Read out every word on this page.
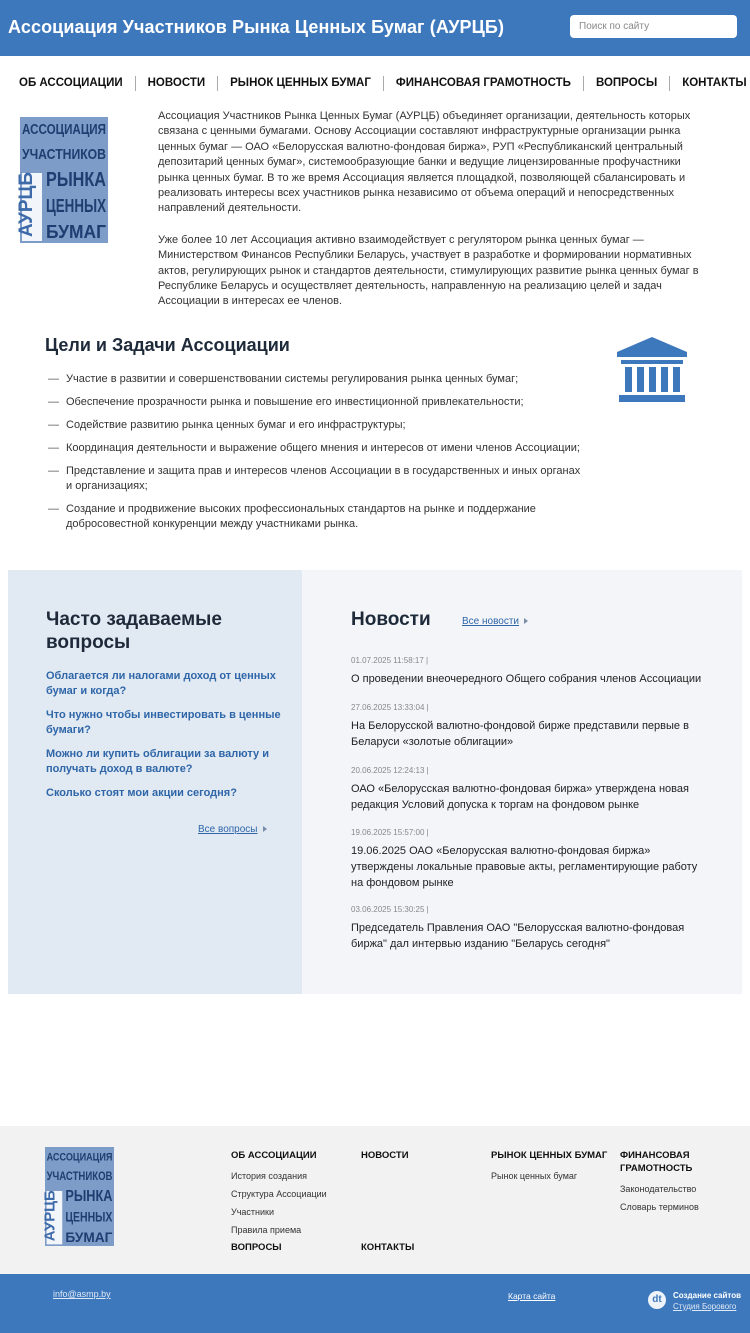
Ассоциация Участников Рынка Ценных Бумаг (АУРЦБ)
Поиск по сайту
ОБ АССОЦИАЦИИ НОВОСТИ РЫНОК ЦЕННЫХ БУМАГ ФИНАНСОВАЯ ГРАМОТНОСТЬ ВОПРОСЫ КОНТАКТЫ
АУРЦБ
АССОЦИАЦИЯ
УЧАСТНИКОВ
РЫНКА
ЦЕННЫХ
БУМАГ

Ассоциация Участников Рынка Ценных Бумаг (АУРЦБ) объединяет организации, деятельность которых связана с ценными бумагами. Основу Ассоциации составляют инфраструктурные организации рынка ценных бумаг — ОАО «Белорусская валютно-фондовая биржа», РУП «Республиканский центральный депозитарий ценных бумаг», системообразующие банки и ведущие лицензированные профучастники рынка ценных бумаг. В то же время Ассоциация является площадкой, позволяющей сбалансировать и реализовать интересы всех участников рынка независимо от объема операций и непосредственных направлений деятельности.

Уже более 10 лет Ассоциация активно взаимодействует с регулятором рынка ценных бумаг — Министерством Финансов Республики Беларусь, участвует в разработке и формировании нормативных актов, регулирующих рынок и стандартов деятельности, стимулирующих развитие рынка ценных бумаг в Республике Беларусь и осуществляет деятельность, направленную на реализацию целей и задач Ассоциации в интересах ее членов.

Цели и Задачи Ассоциации
— Участие в развитии и совершенствовании системы регулирования рынка ценных бумаг;
— Обеспечение прозрачности рынка и повышение его инвестиционной привлекательности;
— Содействие развитию рынка ценных бумаг и его инфраструктуры;
— Координация деятельности и выражение общего мнения и интересов от имени членов Ассоциации;
— Представление и защита прав и интересов членов Ассоциации в в государственных и иных органах и организациях;
— Создание и продвижение высоких профессиональных стандартов на рынке и поддержание добросовестной конкуренции между участниками рынка.
Часто задаваемые вопросы
Облагается ли налогами доход от ценных бумаг и когда?
Что нужно чтобы инвестировать в ценные бумаги?
Можно ли купить облигации за валюту и получать доход в валюте?
Сколько стоят мои акции сегодня?
Все вопросы
Новости	Все новости
01.07.2025 11:58:17 |
О проведении внеочередного Общего собрания членов Ассоциации
27.06.2025 13:33:04 |
На Белорусской валютно-фондовой бирже представили первые в Беларуси «золотые облигации»
20.06.2025 12:24:13 |
ОАО «Белорусская валютно-фондовая биржа» утверждена новая редакция Условий допуска к торгам на фондовом рынке
19.06.2025 15:57:00 |
19.06.2025 ОАО «Белорусская валютно-фондовая биржа» утверждены локальные правовые акты, регламентирующие работу на фондовом рынке
03.06.2025 15:30:25 |
Председатель Правления ОАО "Белорусская валютно-фондовая биржа" дал интервью изданию "Беларусь сегодня"
АУРЦБ
АССОЦИАЦИЯ
УЧАСТНИКОВ
РЫНКА
ЦЕННЫХ
БУМАГ
ОБ АССОЦИАЦИИ
История создания
Структура Ассоциации
Участники
Правила приема
ВОПРОСЫ
НОВОСТИ
КОНТАКТЫ
РЫНОК ЦЕННЫХ БУМАГ
Рынок ценных бумаг
ФИНАНСОВАЯ ГРАМОТНОСТЬ
Законодательство
Словарь терминов
info@asmp.by	Карта сайта	dt	Создание сайтов
Студия Борового
